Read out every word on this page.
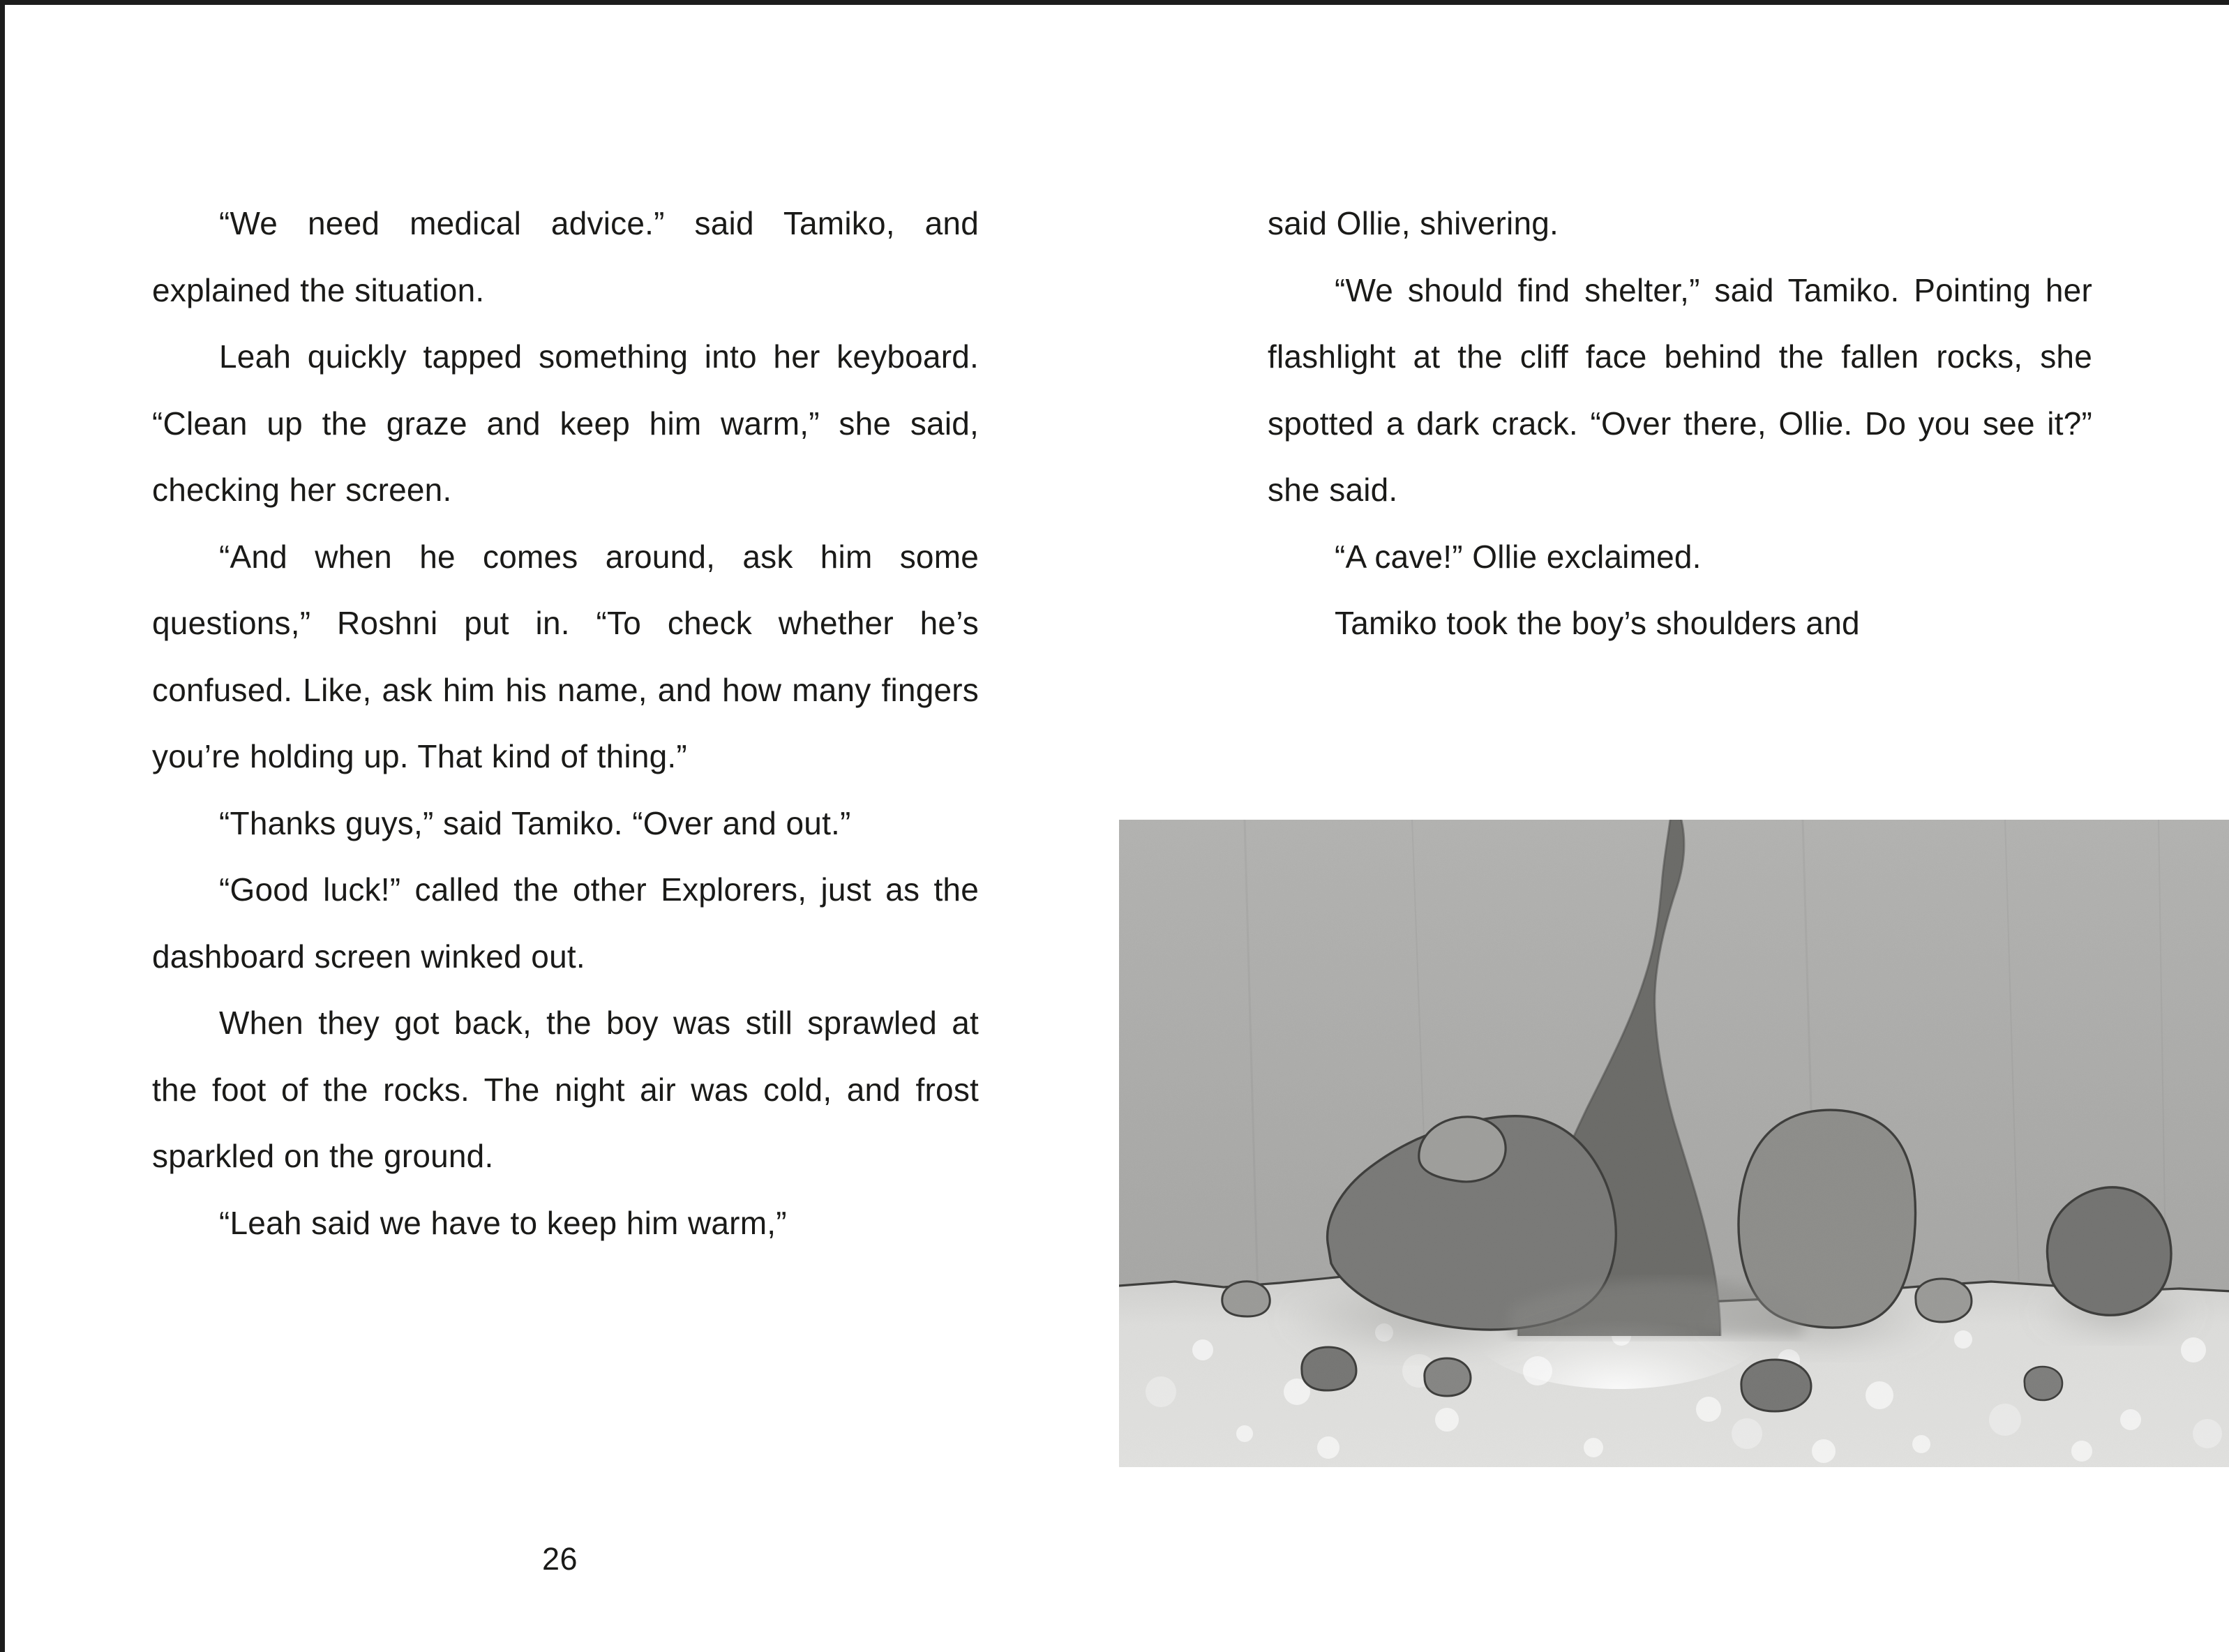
“We need medical advice.” said Tamiko, and explained the situation.

Leah quickly tapped something into her keyboard. “Clean up the graze and keep him warm,” she said, checking her screen.

“And when he comes around, ask him some questions,” Roshni put in. “To check whether he’s confused. Like, ask him his name, and how many fingers you’re holding up. That kind of thing.”

“Thanks guys,” said Tamiko. “Over and out.”

“Good luck!” called the other Explorers, just as the dashboard screen winked out.

When they got back, the boy was still sprawled at the foot of the rocks. The night air was cold, and frost sparkled on the ground.

“Leah said we have to keep him warm,”

said Ollie, shivering.

“We should find shelter,” said Tamiko. Pointing her flashlight at the cliff face behind the fallen rocks, she spotted a dark crack. “Over there, Ollie. Do you see it?” she said.

“A cave!” Ollie exclaimed.

Tamiko took the boy’s shoulders and

26
